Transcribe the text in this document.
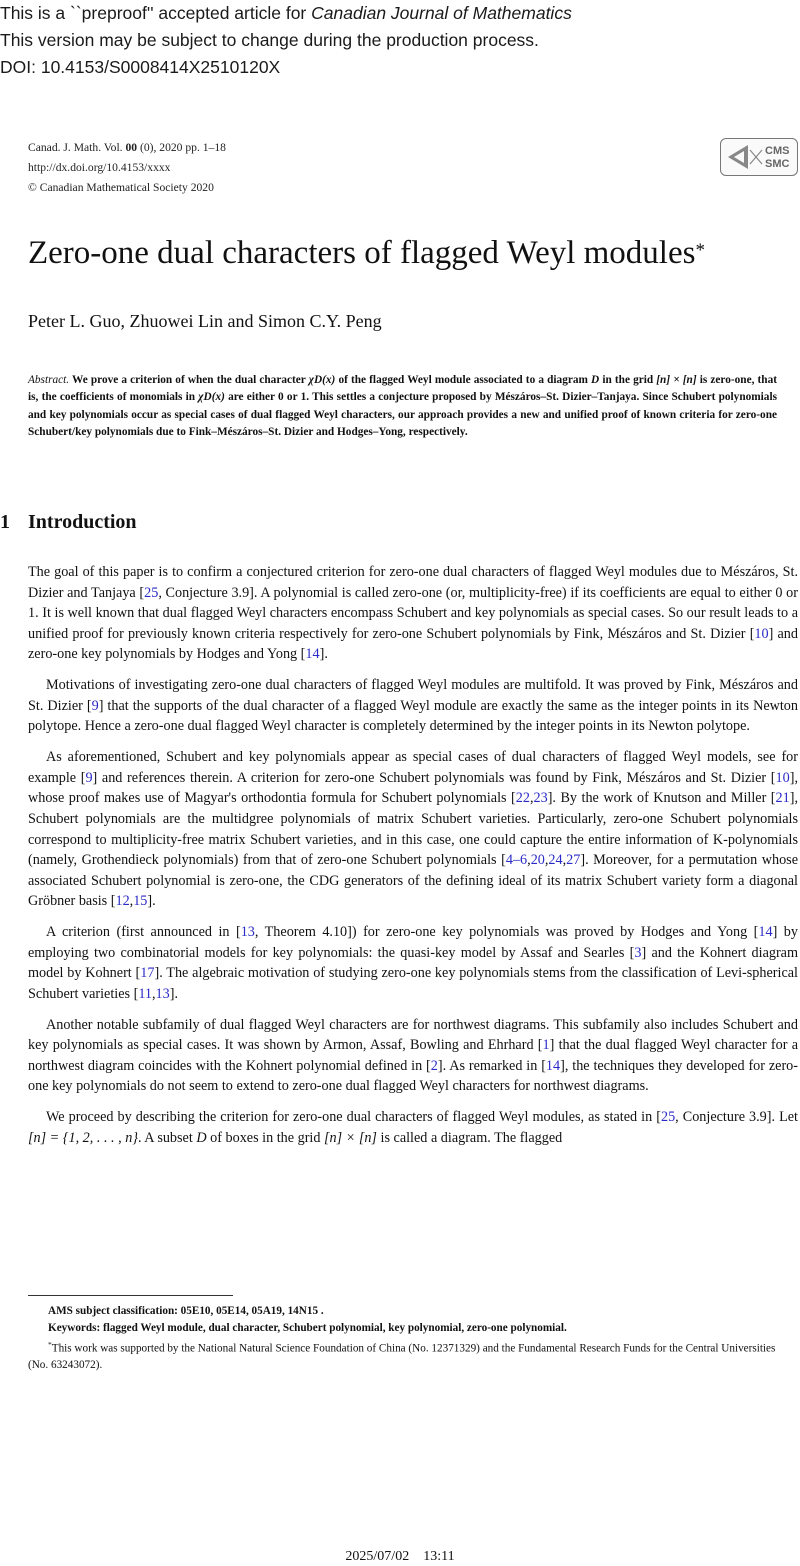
This is a ``preproof'' accepted article for Canadian Journal of Mathematics
This version may be subject to change during the production process.
DOI: 10.4153/S0008414X2510120X
Canad. J. Math. Vol. 00 (0), 2020 pp. 1–18
http://dx.doi.org/10.4153/xxxx
© Canadian Mathematical Society 2020
CMS
SMC
Zero-one dual characters of flagged Weyl modules*
Peter L. Guo, Zhuowei Lin and Simon C.Y. Peng
Abstract. We prove a criterion of when the dual character χD(x) of the flagged Weyl module associated to a diagram D in the grid [n] × [n] is zero-one, that is, the coefficients of monomials in χD(x) are either 0 or 1. This settles a conjecture proposed by Mészáros–St. Dizier–Tanjaya. Since Schubert polynomials and key polynomials occur as special cases of dual flagged Weyl characters, our approach provides a new and unified proof of known criteria for zero-one Schubert/key polynomials due to Fink–Mészáros–St. Dizier and Hodges–Yong, respectively.
1 Introduction

The goal of this paper is to confirm a conjectured criterion for zero-one dual characters of flagged Weyl modules due to Mészáros, St. Dizier and Tanjaya [25, Conjecture 3.9]. A polynomial is called zero-one (or, multiplicity-free) if its coefficients are equal to either 0 or 1. It is well known that dual flagged Weyl characters encompass Schubert and key polynomials as special cases. So our result leads to a unified proof for previously known criteria respectively for zero-one Schubert polynomials by Fink, Mészáros and St. Dizier [10] and zero-one key polynomials by Hodges and Yong [14].

Motivations of investigating zero-one dual characters of flagged Weyl modules are multifold. It was proved by Fink, Mészáros and St. Dizier [9] that the supports of the dual character of a flagged Weyl module are exactly the same as the integer points in its Newton polytope. Hence a zero-one dual flagged Weyl character is completely determined by the integer points in its Newton polytope.

As aforementioned, Schubert and key polynomials appear as special cases of dual characters of flagged Weyl models, see for example [9] and references therein. A criterion for zero-one Schubert polynomials was found by Fink, Mészáros and St. Dizier [10], whose proof makes use of Magyar's orthodontia formula for Schubert polynomials [22,23]. By the work of Knutson and Miller [21], Schubert polynomials are the multidgree polynomials of matrix Schubert varieties. Particularly, zero-one Schubert polynomials correspond to multiplicity-free matrix Schubert varieties, and in this case, one could capture the entire information of K-polynomials (namely, Grothendieck polynomials) from that of zero-one Schubert polynomials [4–6,20,24,27]. Moreover, for a permutation whose associated Schubert polynomial is zero-one, the CDG generators of the defining ideal of its matrix Schubert variety form a diagonal Gröbner basis [12,15].

A criterion (first announced in [13, Theorem 4.10]) for zero-one key polynomials was proved by Hodges and Yong [14] by employing two combinatorial models for key polynomials: the quasi-key model by Assaf and Searles [3] and the Kohnert diagram model by Kohnert [17]. The algebraic motivation of studying zero-one key polynomials stems from the classification of Levi-spherical Schubert varieties [11,13].

Another notable subfamily of dual flagged Weyl characters are for northwest diagrams. This subfamily also includes Schubert and key polynomials as special cases. It was shown by Armon, Assaf, Bowling and Ehrhard [1] that the dual flagged Weyl character for a northwest diagram coincides with the Kohnert polynomial defined in [2]. As remarked in [14], the techniques they developed for zero-one key polynomials do not seem to extend to zero-one dual flagged Weyl characters for northwest diagrams.

We proceed by describing the criterion for zero-one dual characters of flagged Weyl modules, as stated in [25, Conjecture 3.9]. Let [n] = {1, 2, . . . , n}. A subset D of boxes in the grid [n] × [n] is called a diagram. The flagged

AMS subject classification: 05E10, 05E14, 05A19, 14N15 .
Keywords: flagged Weyl module, dual character, Schubert polynomial, key polynomial, zero-one polynomial.
*This work was supported by the National Natural Science Foundation of China (No. 12371329) and the Fundamental Research Funds for the Central Universities (No. 63243072).
2025/07/02    13:11
